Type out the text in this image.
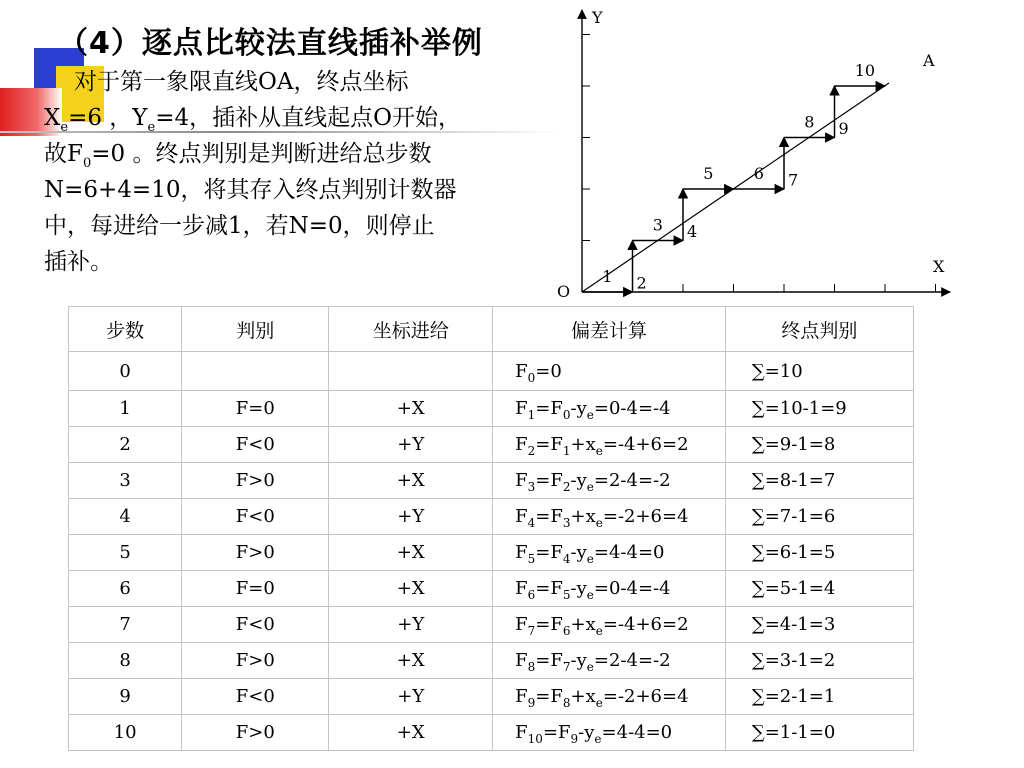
（4）逐点比较法直线插补举例
对于第一象限直线OA，终点坐标
$X_e=6$ ，$Y_e=4$，插补从直线起点O开始，
故$F_0=0$ 。终点判别是判断进给总步数
N=6+4=10，将其存入终点判别计数器
中，每进给一步减1，若N=0，则停止
插补。
1 2
3 4
5	6 7
8 9
10
X
Y
O
A
步数	判别	坐标进给	偏差计算	终点判别
0			$F_0=0$	∑=10
1	F=0	+X	$F_1=F_0-y_e=0-4=-4$	∑=10-1=9
2	F<0	+Y	$F_2=F_1+x_e=-4+6=2$	∑=9-1=8
3	F>0	+X	$F_3=F_2-y_e=2-4=-2$	∑=8-1=7
4	F<0	+Y	$F_4=F_3+x_e=-2+6=4$	∑=7-1=6
5	F>0	+X	$F_5=F_4-y_e=4-4=0$	∑=6-1=5
6	F=0	+X	$F_6=F_5-y_e=0-4=-4$	∑=5-1=4
7	F<0	+Y	$F_7=F_6+x_e=-4+6=2$	∑=4-1=3
8	F>0	+X	$F_8=F_7-y_e=2-4=-2$	∑=3-1=2
9	F<0	+Y	$F_9=F_8+x_e=-2+6=4$	∑=2-1=1
10	F>0	+X	$F_{10}=F_9-y_e=4-4=0$	∑=1-1=0
